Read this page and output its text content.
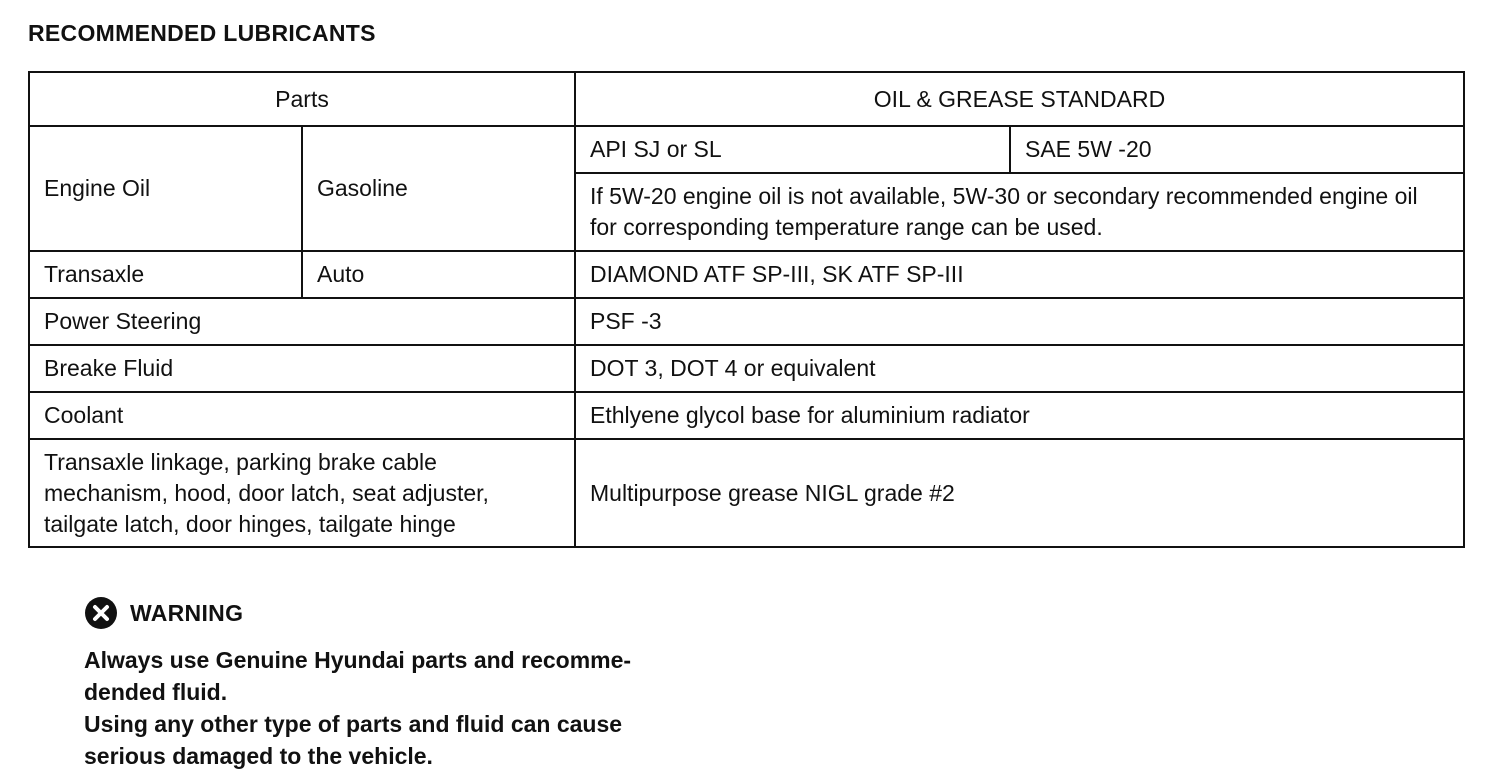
RECOMMENDED LUBRICANTS
Parts		OIL & GREASE STANDARD	
Engine Oil	Gasoline	API SJ or SL	SAE 5W -20
		If 5W-20 engine oil is not available, 5W-30 or secondary recommended engine oil for corresponding temperature range can be used.	
Transaxle	Auto	DIAMOND ATF SP-III, SK ATF SP-III	
Power Steering		PSF -3	
Breake Fluid		DOT 3, DOT 4 or equivalent	
Coolant		Ethlyene glycol base for aluminium radiator	

Transaxle linkage, parking brake cable
mechanism, hood, door latch, seat adjuster,
tailgate latch, door hinges, tailgate hinge		Multipurpose grease NIGL grade #2	
WARNING
Always use Genuine Hyundai parts and recomme-
dended fluid.
Using any other type of parts and fluid can cause
serious damaged to the vehicle.
